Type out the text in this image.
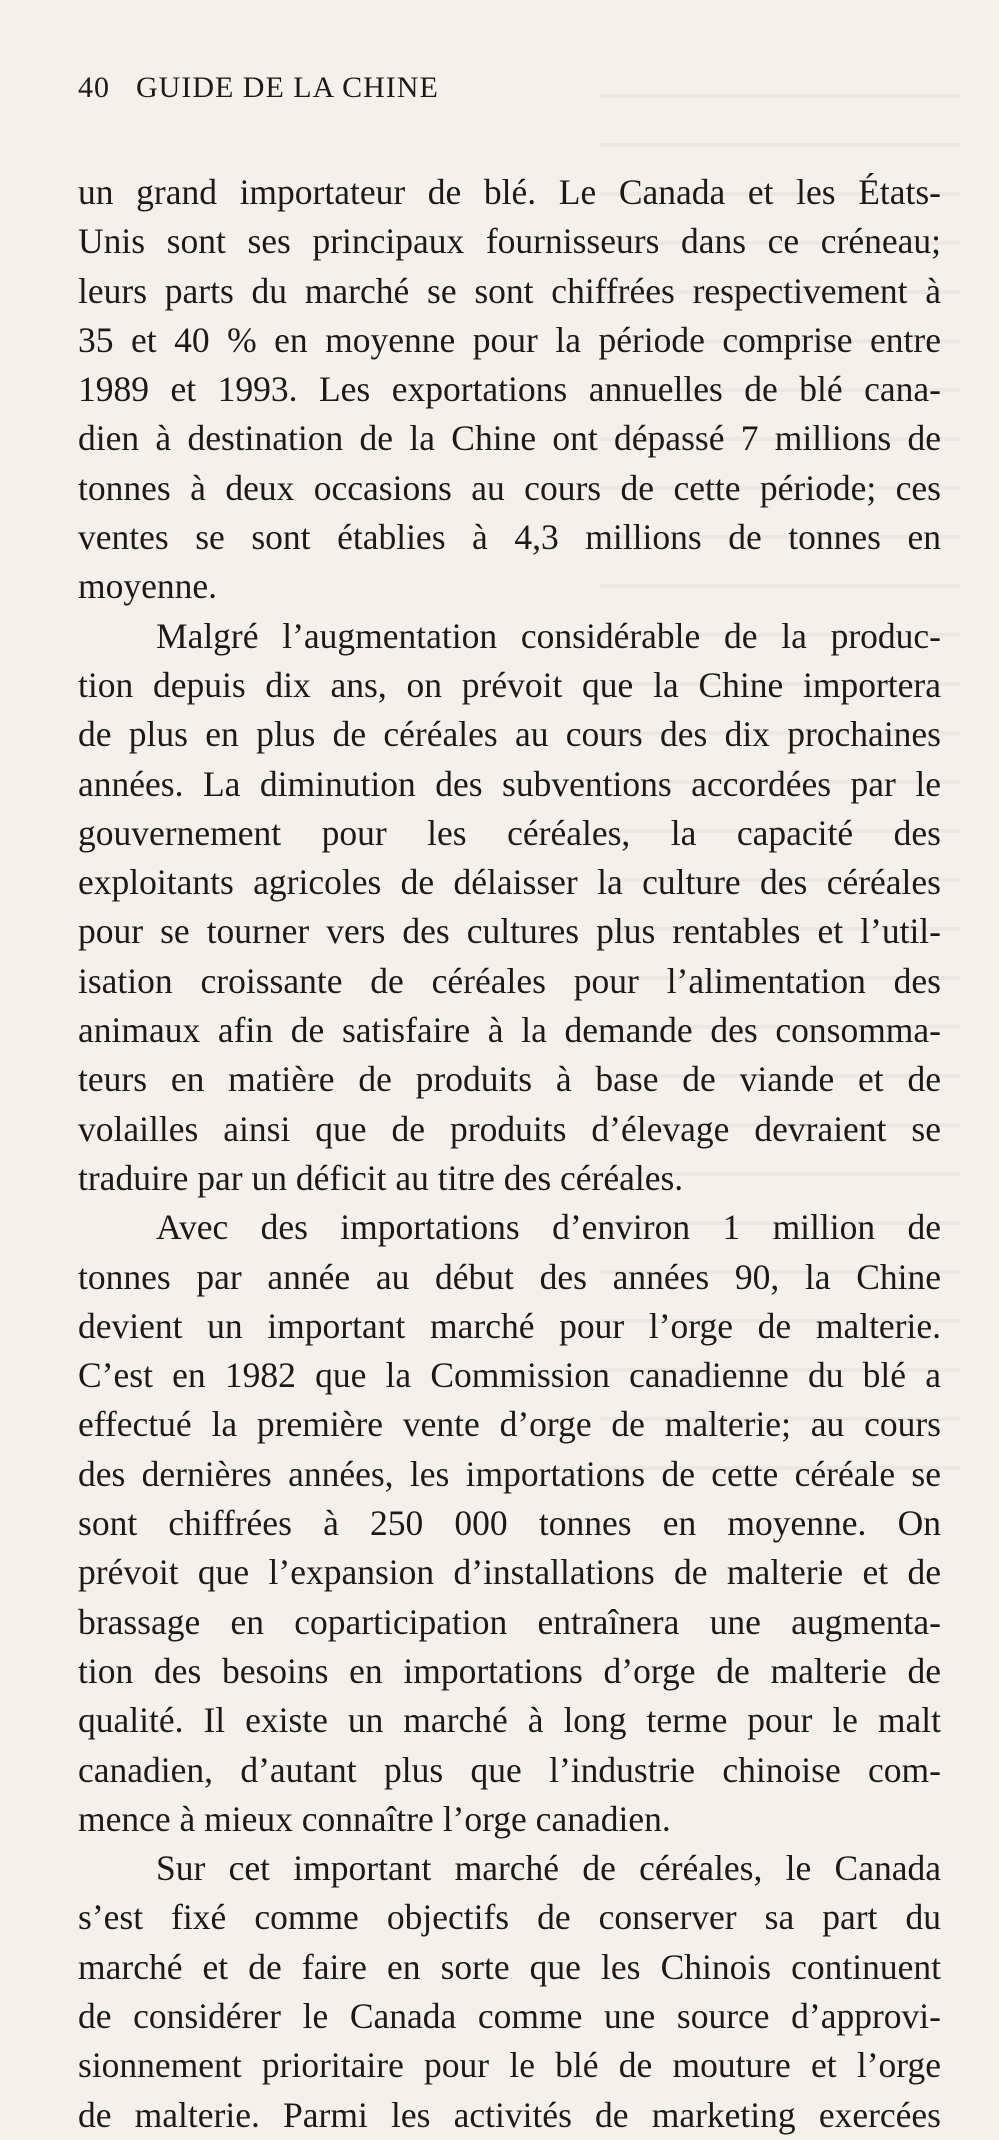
40 GUIDE DE LA CHINE
un grand importateur de blé. Le Canada et les États-
Unis sont ses principaux fournisseurs dans ce créneau;
leurs parts du marché se sont chiffrées respectivement à
35 et 40 % en moyenne pour la période comprise entre
1989 et 1993. Les exportations annuelles de blé cana-
dien à destination de la Chine ont dépassé 7 millions de
tonnes à deux occasions au cours de cette période; ces
ventes se sont établies à 4,3 millions de tonnes en
moyenne.
Malgré l’augmentation considérable de la produc-
tion depuis dix ans, on prévoit que la Chine importera
de plus en plus de céréales au cours des dix prochaines
années. La diminution des subventions accordées par le
gouvernement pour les céréales, la capacité des
exploitants agricoles de délaisser la culture des céréales
pour se tourner vers des cultures plus rentables et l’util-
isation croissante de céréales pour l’alimentation des
animaux afin de satisfaire à la demande des consomma-
teurs en matière de produits à base de viande et de
volailles ainsi que de produits d’élevage devraient se
traduire par un déficit au titre des céréales.
Avec des importations d’environ 1 million de
tonnes par année au début des années 90, la Chine
devient un important marché pour l’orge de malterie.
C’est en 1982 que la Commission canadienne du blé a
effectué la première vente d’orge de malterie; au cours
des dernières années, les importations de cette céréale se
sont chiffrées à 250 000 tonnes en moyenne. On
prévoit que l’expansion d’installations de malterie et de
brassage en coparticipation entraînera une augmenta-
tion des besoins en importations d’orge de malterie de
qualité. Il existe un marché à long terme pour le malt
canadien, d’autant plus que l’industrie chinoise com-
mence à mieux connaître l’orge canadien.
Sur cet important marché de céréales, le Canada
s’est fixé comme objectifs de conserver sa part du
marché et de faire en sorte que les Chinois continuent
de considérer le Canada comme une source d’approvi-
sionnement prioritaire pour le blé de mouture et l’orge
de malterie. Parmi les activités de marketing exercées
